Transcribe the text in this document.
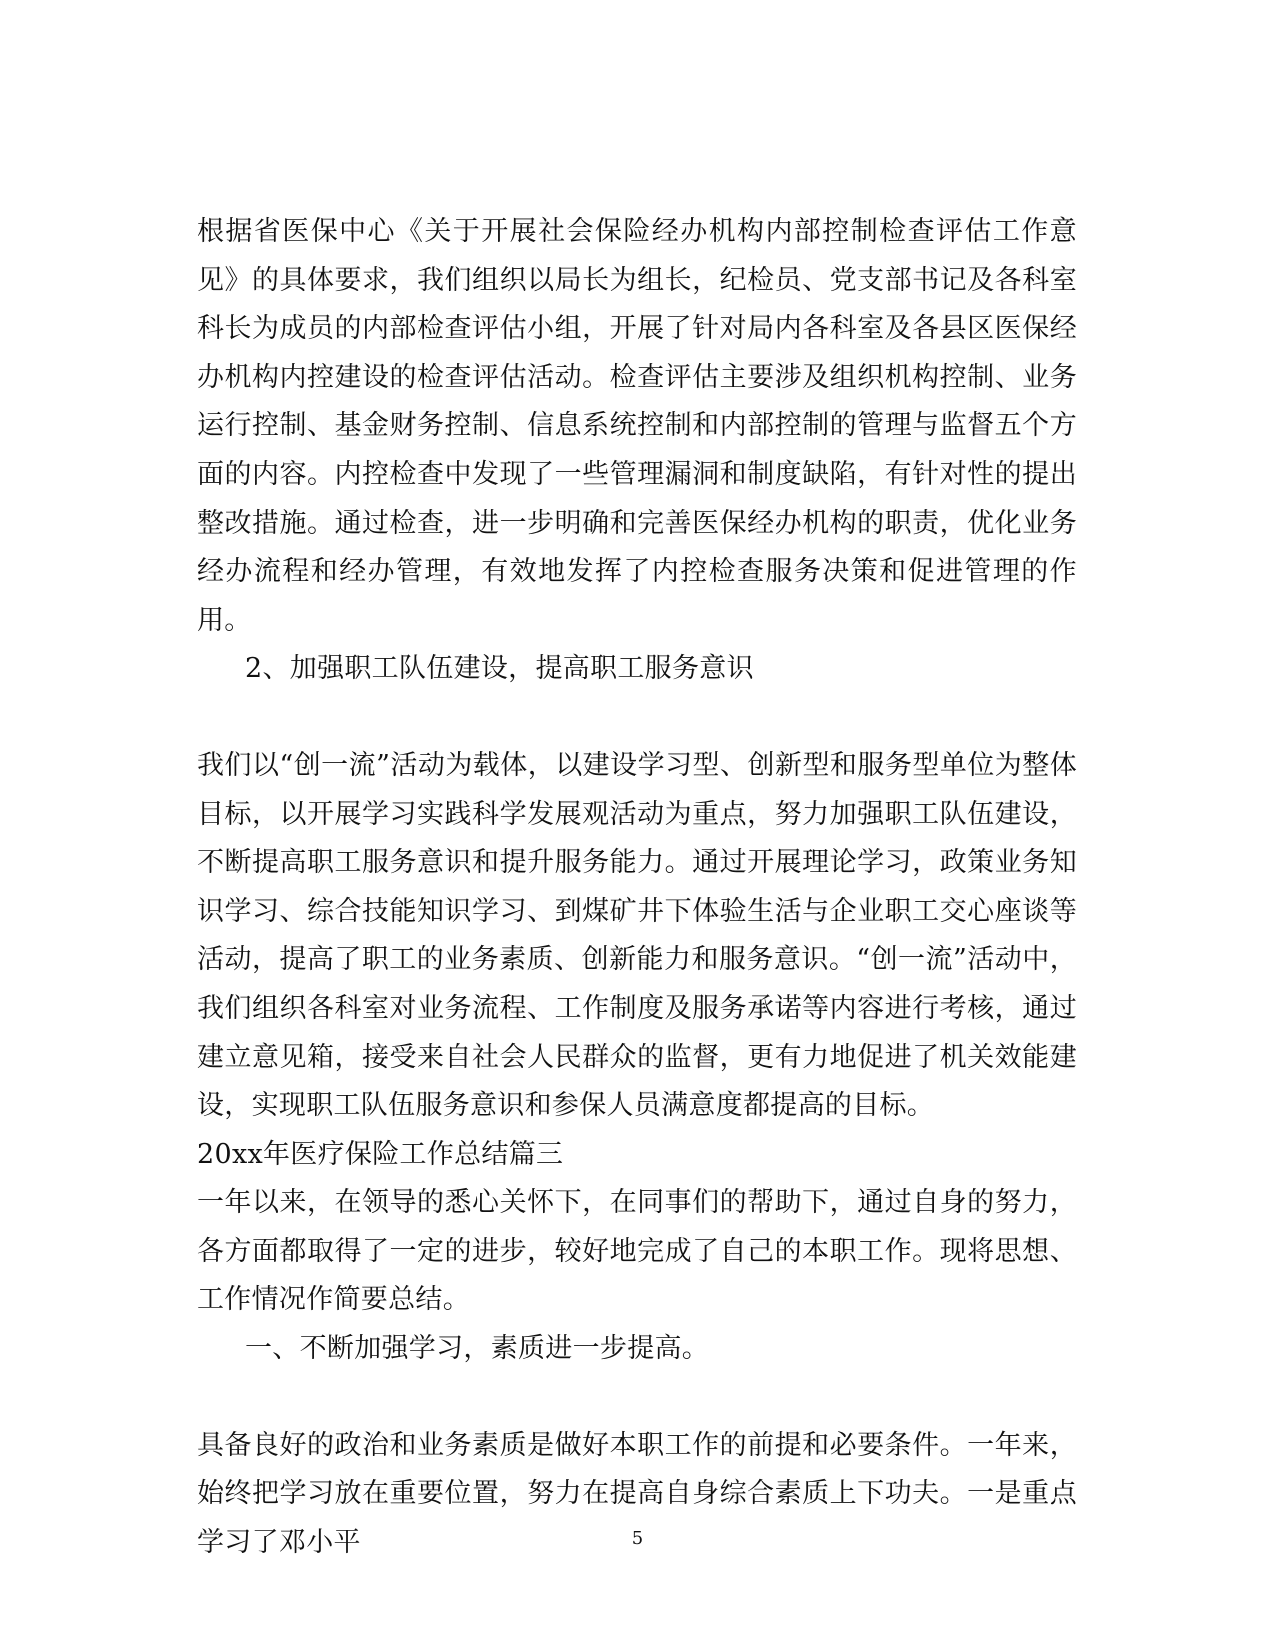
根据省医保中心《关于开展社会保险经办机构内部控制检查评估工作意见》的具体要求，我们组织以局长为组长，纪检员、党支部书记及各科室科长为成员的内部检查评估小组，开展了针对局内各科室及各县区医保经办机构内控建设的检查评估活动。检查评估主要涉及组织机构控制、业务运行控制、基金财务控制、信息系统控制和内部控制的管理与监督五个方面的内容。内控检查中发现了一些管理漏洞和制度缺陷，有针对性的提出整改措施。通过检查，进一步明确和完善医保经办机构的职责，优化业务经办流程和经办管理，有效地发挥了内控检查服务决策和促进管理的作用。

2、加强职工队伍建设，提高职工服务意识

我们以“创一流”活动为载体，以建设学习型、创新型和服务型单位为整体目标，以开展学习实践科学发展观活动为重点，努力加强职工队伍建设，不断提高职工服务意识和提升服务能力。通过开展理论学习，政策业务知识学习、综合技能知识学习、到煤矿井下体验生活与企业职工交心座谈等活动，提高了职工的业务素质、创新能力和服务意识。“创一流”活动中，我们组织各科室对业务流程、工作制度及服务承诺等内容进行考核，通过建立意见箱，接受来自社会人民群众的监督，更有力地促进了机关效能建设，实现职工队伍服务意识和参保人员满意度都提高的目标。

20xx年医疗保险工作总结篇三

一年以来，在领导的悉心关怀下，在同事们的帮助下，通过自身的努力，各方面都取得了一定的进步，较好地完成了自己的本职工作。现将思想、工作情况作简要总结。

一、不断加强学习，素质进一步提高。

具备良好的政治和业务素质是做好本职工作的前提和必要条件。一年来，始终把学习放在重要位置，努力在提高自身综合素质上下功夫。一是重点学习了邓小平	5
